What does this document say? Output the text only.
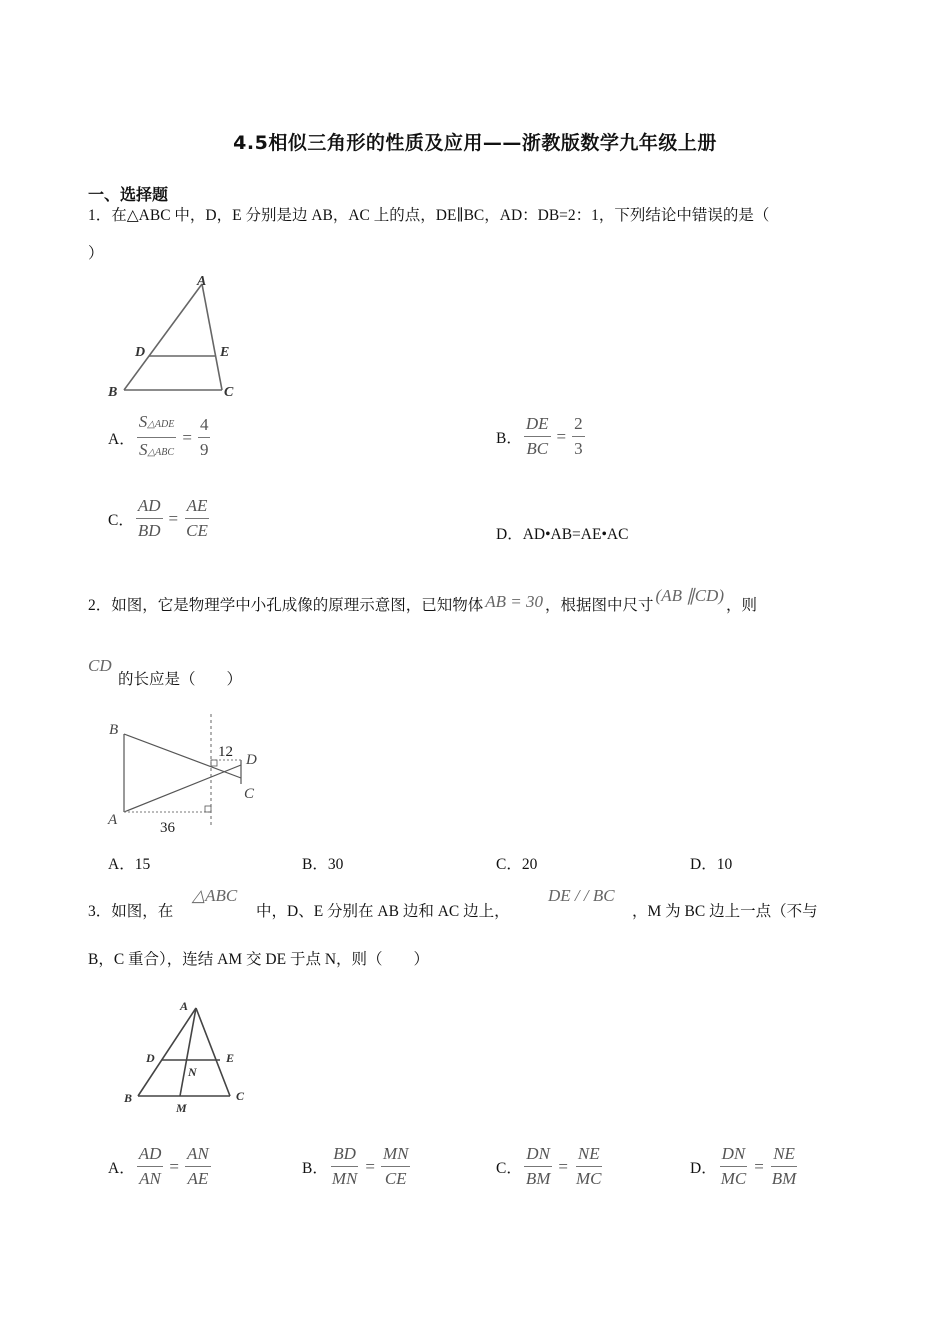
4.5相似三角形的性质及应用——浙教版数学九年级上册
一、选择题
1．在△ABC 中，D，E 分别是边 AB，AC 上的点，DE∥BC，AD：DB=2：1，下列结论中错误的是（
）
A
D	E
B	C
A． $\frac{\text{S△ADE}}{\text{S△ABC}} = \frac{4}{9}$	B． $\frac{DE}{BC} = \frac{2}{3}$
C． $\frac{AD}{BD} = \frac{AE}{CE}$	D．AD•AB=AE•AC
2．如图，它是物理学中小孔成像的原理示意图，已知物体 AB = 30 ，根据图中尺寸
(AB ∥CD)
，则
CD
的长应是（　　）
B
A
D
C
12
36
A．15	B．30	C．20	D．10
3．如图，在
△ABC
中，D、E 分别在 AB 边和 AC 边上，
DE / / BC
，M 为 BC 边上一点（不与
B，C 重合），连结 AM 交 DE 于点 N，则（　　）
A
D	E
N
B	C
M
A． $\frac{AD}{AN} = \frac{AN}{AE}$	B． $\frac{BD}{MN} = \frac{MN}{CE}$	C． $\frac{DN}{BM} = \frac{NE}{MC}$	D． $\frac{DN}{MC} = \frac{NE}{BM}$
